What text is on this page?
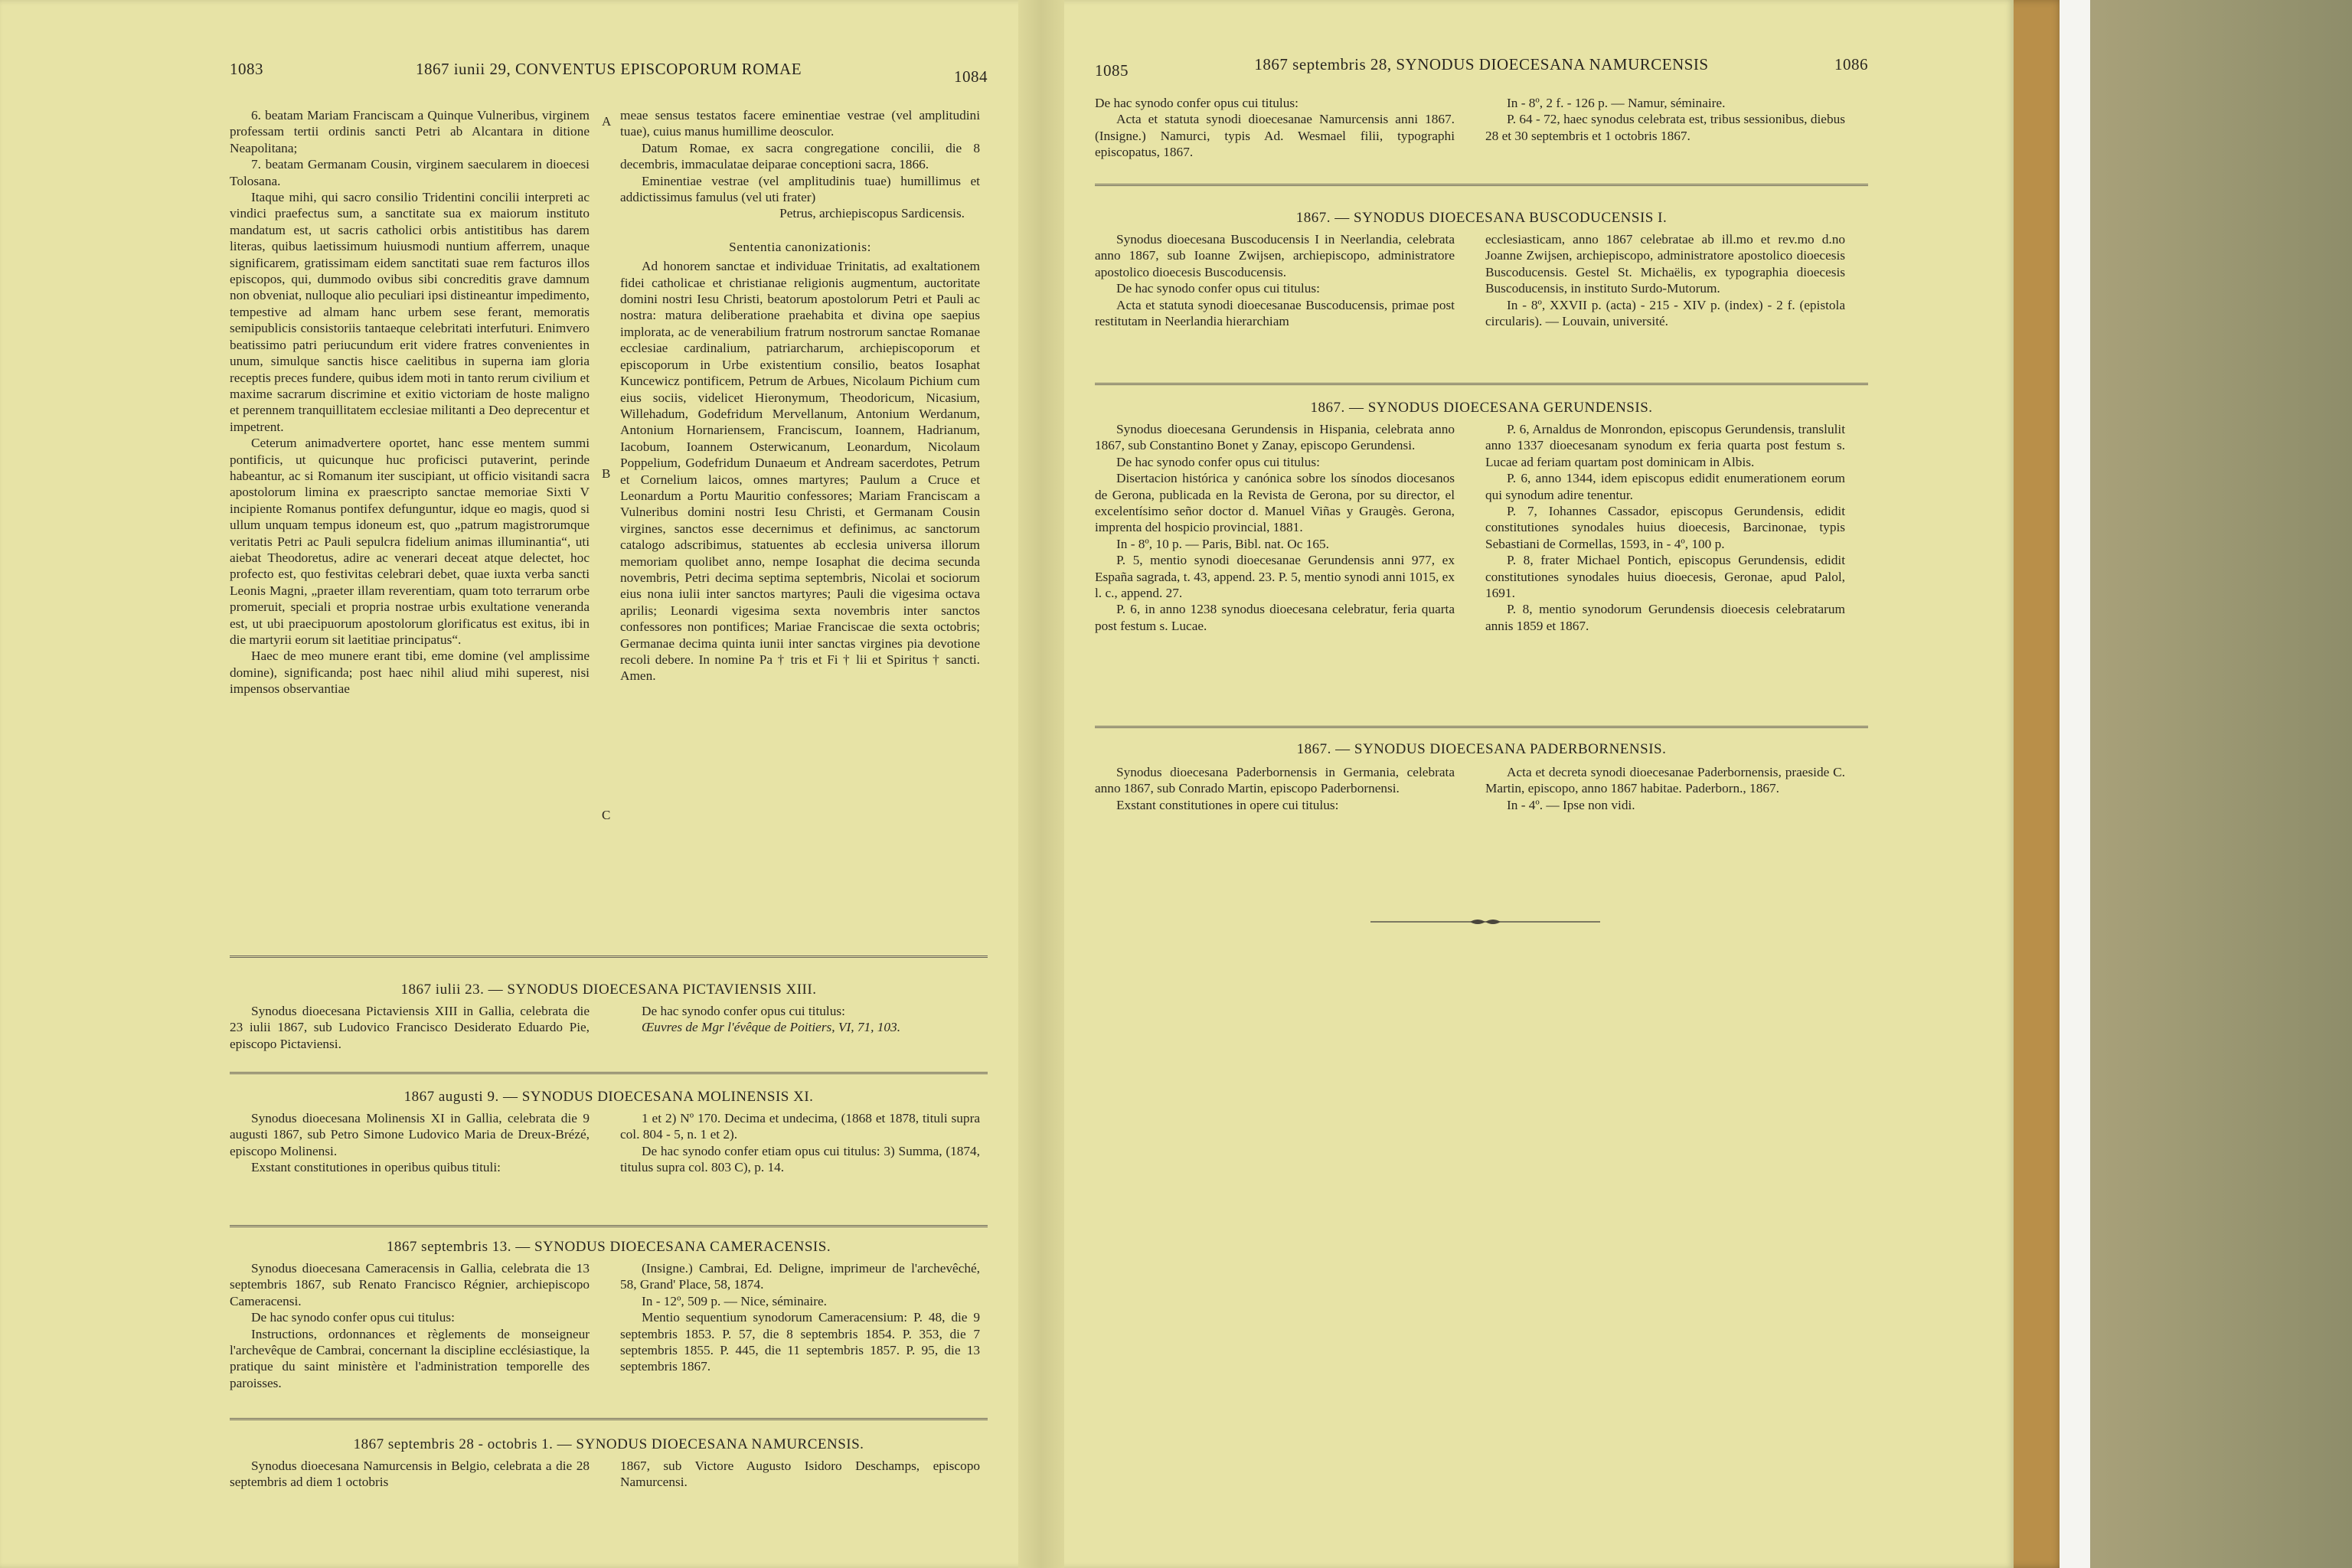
1083	1867 iunii 29, CONVENTUS EPISCOPORUM ROMAE	1084

6. beatam Mariam Franciscam a Quinque Vulneribus, virginem professam tertii ordinis sancti Petri ab Alcantara in ditione Neapolitana;

7. beatam Germanam Cousin, virginem saecularem in dioecesi Tolosana.

Itaque mihi, qui sacro consilio Tridentini concilii interpreti ac vindici praefectus sum, a sanctitate sua ex maiorum instituto mandatum est, ut sacris catholici orbis antistitibus has darem literas, quibus laetissimum huiusmodi nuntium afferrem, unaque significarem, gratissimam eidem sanctitati suae rem facturos illos episcopos, qui, dummodo ovibus sibi concreditis grave damnum non obveniat, nulloque alio peculiari ipsi distineantur impedimento, tempestive ad almam hanc urbem sese ferant, memoratis semipublicis consistoriis tantaeque celebritati interfuturi. Enimvero beatissimo patri periucundum erit videre fratres convenientes in unum, simulque sanctis hisce caelitibus in superna iam gloria receptis preces fundere, quibus idem moti in tanto rerum civilium et maxime sacrarum discrimine et exitio victoriam de hoste maligno et perennem tranquillitatem ecclesiae militanti a Deo deprecentur et impetrent.

Ceterum animadvertere oportet, hanc esse mentem summi pontificis, ut quicunque huc proficisci putaverint, perinde habeantur, ac si Romanum iter suscipiant, ut officio visitandi sacra apostolorum limina ex praescripto sanctae memoriae Sixti V incipiente Romanus pontifex defunguntur, idque eo magis, quod si ullum unquam tempus idoneum est, quo „patrum magistrorumque veritatis Petri ac Pauli sepulcra fidelium animas illuminantia“, uti aiebat Theodoretus, adire ac venerari deceat atque delectet, hoc profecto est, quo festivitas celebrari debet, quae iuxta verba sancti Leonis Magni, „praeter illam reverentiam, quam toto terrarum orbe promeruit, speciali et propria nostrae urbis exultatione veneranda est, ut ubi praecipuorum apostolorum glorificatus est exitus, ibi in die martyrii eorum sit laetitiae principatus“.

Haec de meo munere erant tibi, eme domine (vel amplissime domine), significanda; post haec nihil aliud mihi superest, nisi impensos observantiae

meae sensus testatos facere eminentiae vestrae (vel amplitudini tuae), cuius manus humillime deosculor.

Datum Romae, ex sacra congregatione concilii, die 8 decembris, immaculatae deiparae conceptioni sacra, 1866.

Eminentiae vestrae (vel amplitudinis tuae) humillimus et addictissimus famulus (vel uti frater)

Petrus, archiepiscopus Sardicensis.

Sententia canonizationis:

Ad honorem sanctae et individuae Trinitatis, ad exaltationem fidei catholicae et christianae religionis augmentum, auctoritate domini nostri Iesu Christi, beatorum apostolorum Petri et Pauli ac nostra: matura deliberatione praehabita et divina ope saepius implorata, ac de venerabilium fratrum nostrorum sanctae Romanae ecclesiae cardinalium, patriarcharum, archiepiscoporum et episcoporum in Urbe existentium consilio, beatos Iosaphat Kuncewicz pontificem, Petrum de Arbues, Nicolaum Pichium cum eius sociis, videlicet Hieronymum, Theodoricum, Nicasium, Willehadum, Godefridum Mervellanum, Antonium Werdanum, Antonium Hornariensem, Franciscum, Ioannem, Hadrianum, Iacobum, Ioannem Osterwicanum, Leonardum, Nicolaum Poppelium, Godefridum Dunaeum et Andream sacerdotes, Petrum et Cornelium laicos, omnes martyres; Paulum a Cruce et Leonardum a Portu Mauritio confessores; Mariam Franciscam a Vulneribus domini nostri Iesu Christi, et Germanam Cousin virgines, sanctos esse decernimus et definimus, ac sanctorum catalogo adscribimus, statuentes ab ecclesia universa illorum memoriam quolibet anno, nempe Iosaphat die decima secunda novembris, Petri decima septima septembris, Nicolai et sociorum eius nona iulii inter sanctos martyres; Pauli die vigesima octava aprilis; Leonardi vigesima sexta novembris inter sanctos confessores non pontifices; Mariae Franciscae die sexta octobris; Germanae decima quinta iunii inter sanctas virgines pia devotione recoli debere. In nomine Pa † tris et Fi † lii et Spiritus † sancti. Amen.

A
B
C
1867 iulii 23. — SYNODUS DIOECESANA PICTAVIENSIS XIII.

Synodus dioecesana Pictaviensis XIII in Gallia, celebrata die 23 iulii 1867, sub Ludovico Francisco Desiderato Eduardo Pie, episcopo Pictaviensi.

De hac synodo confer opus cui titulus:

Œuvres de Mgr l'évêque de Poitiers, VI, 71, 103.

1867 augusti 9. — SYNODUS DIOECESANA MOLINENSIS XI.

Synodus dioecesana Molinensis XI in Gallia, celebrata die 9 augusti 1867, sub Petro Simone Ludovico Maria de Dreux-Brézé, episcopo Molinensi.

Exstant constitutiones in operibus quibus tituli:

1 et 2) Nº 170. Decima et undecima, (1868 et 1878, tituli supra col. 804 - 5, n. 1 et 2).

De hac synodo confer etiam opus cui titulus: 3) Summa, (1874, titulus supra col. 803 C), p. 14.

1867 septembris 13. — SYNODUS DIOECESANA CAMERACENSIS.

Synodus dioecesana Cameracensis in Gallia, celebrata die 13 septembris 1867, sub Renato Francisco Régnier, archiepiscopo Cameracensi.

De hac synodo confer opus cui titulus:

Instructions, ordonnances et règlements de monseigneur l'archevêque de Cambrai, concernant la discipline ecclésiastique, la pratique du saint ministère et l'administration temporelle des paroisses.

(Insigne.) Cambrai, Ed. Deligne, imprimeur de l'archevêché, 58, Grand' Place, 58, 1874.

In - 12º, 509 p. — Nice, séminaire.

Mentio sequentium synodorum Cameracensium: P. 48, die 9 septembris 1853. P. 57, die 8 septembris 1854. P. 353, die 7 septembris 1855. P. 445, die 11 septembris 1857. P. 95, die 13 septembris 1867.

1867 septembris 28 - octobris 1. — SYNODUS DIOECESANA NAMURCENSIS.

Synodus dioecesana Namurcensis in Belgio, celebrata a die 28 septembris ad diem 1 octobris

1867, sub Victore Augusto Isidoro Deschamps, episcopo Namurcensi.

1085	1867 septembris 28, SYNODUS DIOECESANA NAMURCENSIS	1086

De hac synodo confer opus cui titulus:

Acta et statuta synodi dioecesanae Namurcensis anni 1867. (Insigne.) Namurci, typis Ad. Wesmael filii, typographi episcopatus, 1867.

In - 8º, 2 f. - 126 p. — Namur, séminaire.

P. 64 - 72, haec synodus celebrata est, tribus sessionibus, diebus 28 et 30 septembris et 1 octobris 1867.

1867. — SYNODUS DIOECESANA BUSCODUCENSIS I.

Synodus dioecesana Buscoducensis I in Neerlandia, celebrata anno 1867, sub Ioanne Zwijsen, archiepiscopo, administratore apostolico dioecesis Buscoducensis.

De hac synodo confer opus cui titulus:

Acta et statuta synodi dioecesanae Buscoducensis, primae post restitutam in Neerlandia hierarchiam

ecclesiasticam, anno 1867 celebratae ab ill.mo et rev.mo d.no Joanne Zwijsen, archiepiscopo, administratore apostolico dioecesis Buscoducensis. Gestel St. Michaëlis, ex typographia dioecesis Buscoducensis, in instituto Surdo-Mutorum.

In - 8º, XXVII p. (acta) - 215 - XIV p. (index) - 2 f. (epistola circularis). — Louvain, université.

1867. — SYNODUS DIOECESANA GERUNDENSIS.

Synodus dioecesana Gerundensis in Hispania, celebrata anno 1867, sub Constantino Bonet y Zanay, episcopo Gerundensi.

De hac synodo confer opus cui titulus:

Disertacion histórica y canónica sobre los sínodos diocesanos de Gerona, publicada en la Revista de Gerona, por su director, el excelentísimo señor doctor d. Manuel Viñas y Graugès. Gerona, imprenta del hospicio provincial, 1881.

In - 8º, 10 p. — Paris, Bibl. nat. Oc 165.

P. 5, mentio synodi dioecesanae Gerundensis anni 977, ex España sagrada, t. 43, append. 23. P. 5, mentio synodi anni 1015, ex l. c., append. 27.

P. 6, in anno 1238 synodus dioecesana celebratur, feria quarta post festum s. Lucae.

P. 6, Arnaldus de Monrondon, episcopus Gerundensis, translulit anno 1337 dioecesanam synodum ex feria quarta post festum s. Lucae ad feriam quartam post dominicam in Albis.

P. 6, anno 1344, idem episcopus edidit enumerationem eorum qui synodum adire tenentur.

P. 7, Iohannes Cassador, episcopus Gerundensis, edidit constitutiones synodales huius dioecesis, Barcinonae, typis Sebastiani de Cormellas, 1593, in - 4º, 100 p.

P. 8, frater Michael Pontich, episcopus Gerundensis, edidit constitutiones synodales huius dioecesis, Geronae, apud Palol, 1691.

P. 8, mentio synodorum Gerundensis dioecesis celebratarum annis 1859 et 1867.

1867. — SYNODUS DIOECESANA PADERBORNENSIS.

Synodus dioecesana Paderbornensis in Germania, celebrata anno 1867, sub Conrado Martin, episcopo Paderbornensi.

Exstant constitutiones in opere cui titulus:

Acta et decreta synodi dioecesanae Paderbornensis, praeside C. Martin, episcopo, anno 1867 habitae. Paderborn., 1867.

In - 4º. — Ipse non vidi.
